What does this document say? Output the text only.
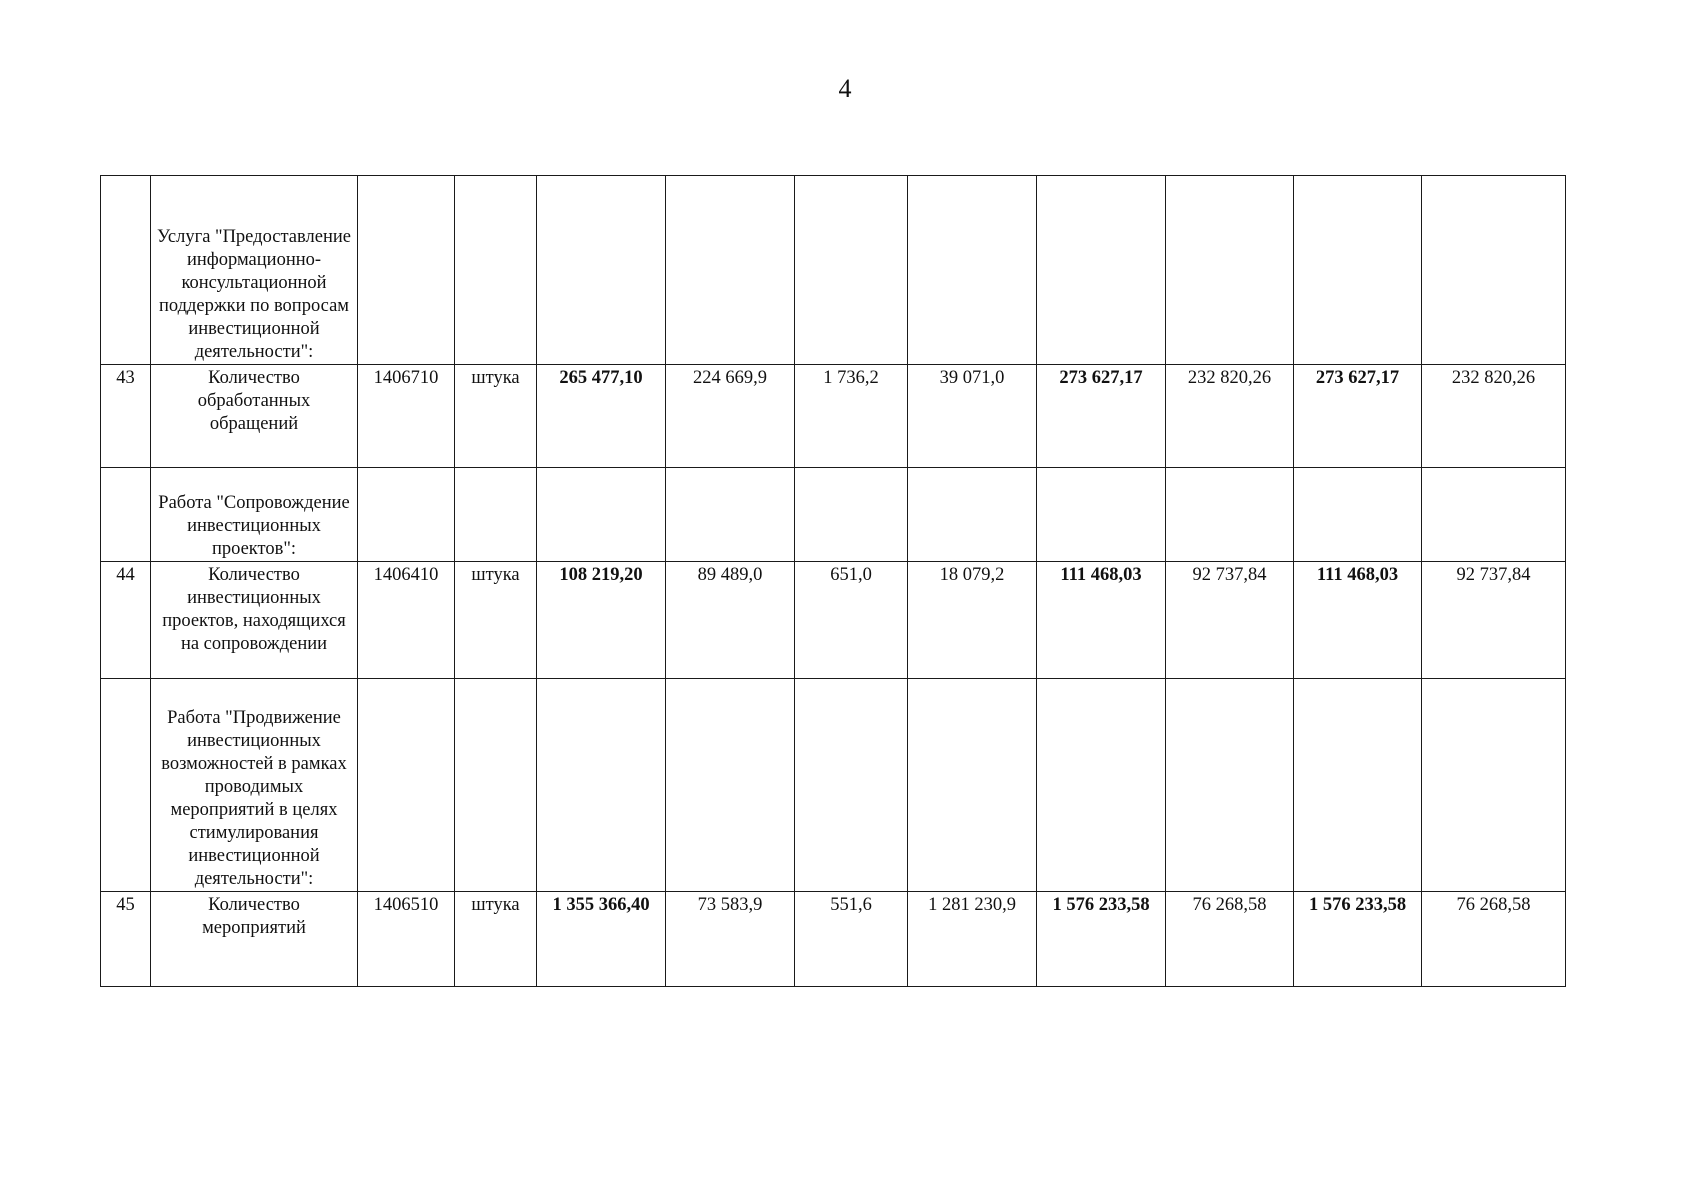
4
	Услуга "Предоставление информационно-консультационной поддержки по вопросам инвестиционной деятельности":										
43	Количество обработанных обращений	1406710	штука	265 477,10	224 669,9	1 736,2	39 071,0	273 627,17	232 820,26	273 627,17	232 820,26
	Работа "Сопровождение инвестиционных проектов":										
44	Количество инвестиционных проектов, находящихся на сопровождении	1406410	штука	108 219,20	89 489,0	651,0	18 079,2	111 468,03	92 737,84	111 468,03	92 737,84
	Работа "Продвижение инвестиционных возможностей в рамках проводимых мероприятий в целях стимулирования инвестиционной деятельности":										
45	Количество мероприятий	1406510	штука	1 355 366,40	73 583,9	551,6	1 281 230,9	1 576 233,58	76 268,58	1 576 233,58	76 268,58
